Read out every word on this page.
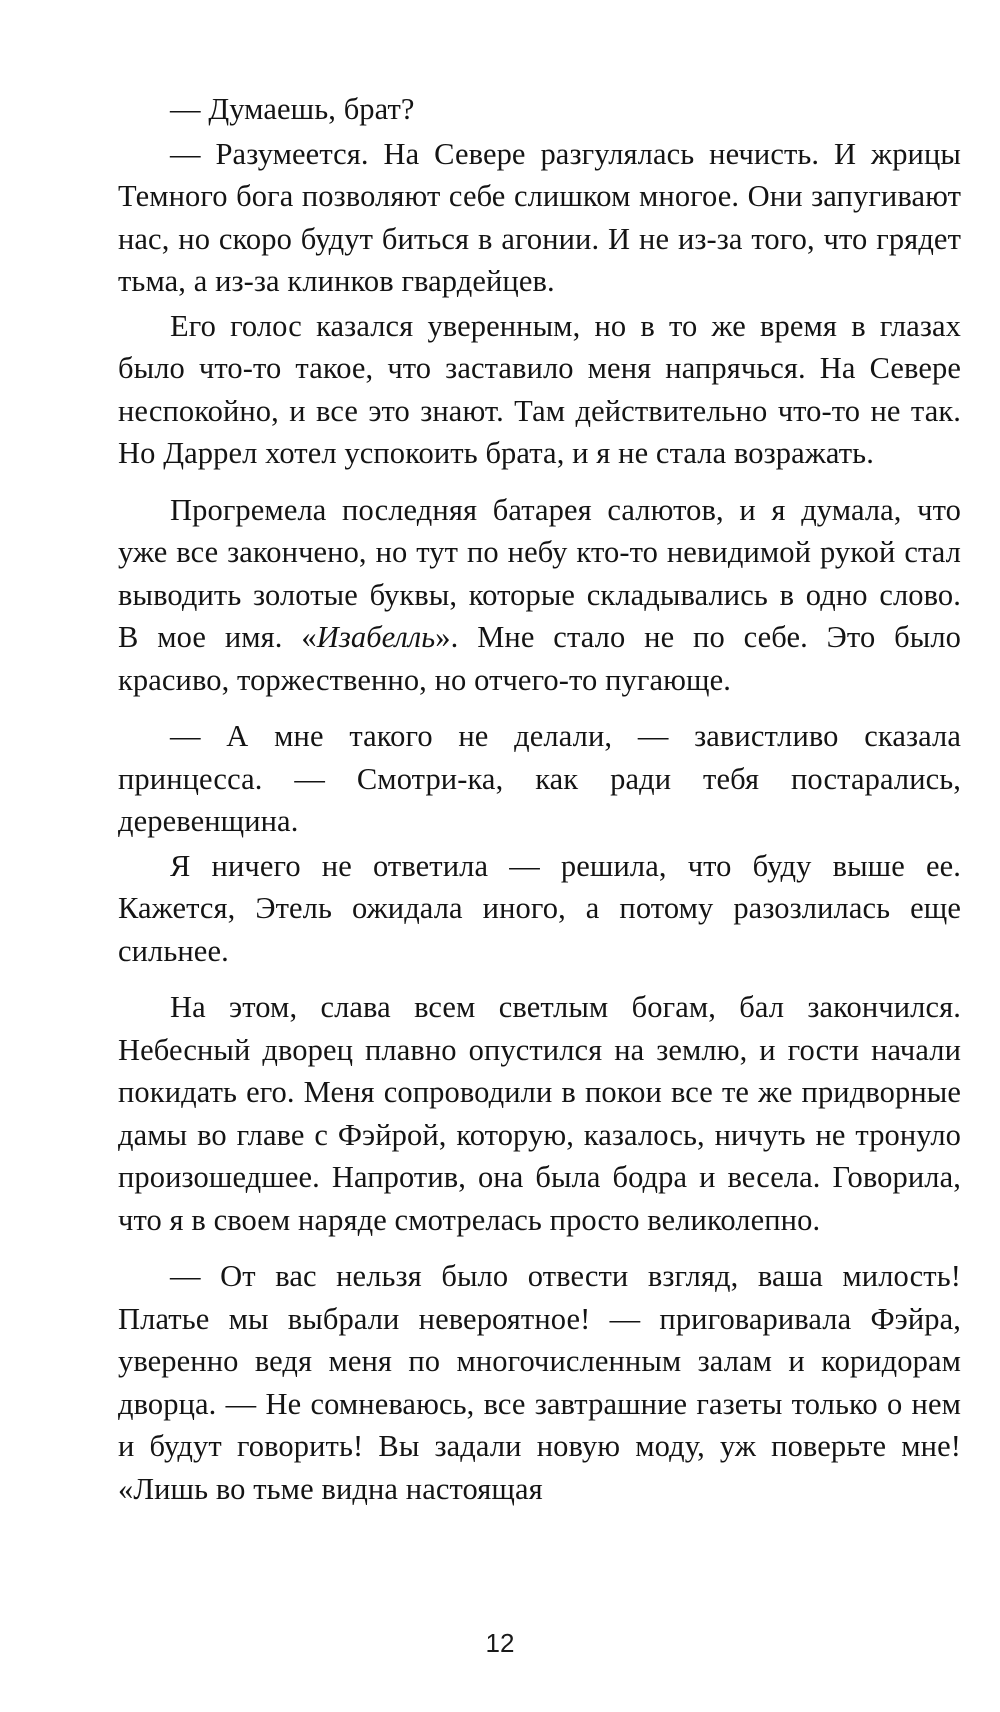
— Думаешь, брат?

— Разумеется. На Севере разгулялась нечисть. И жрицы Темного бога позволяют себе слишком многое. Они запугивают нас, но скоро будут биться в агонии. И не из-за того, что грядет тьма, а из-за клинков гвардейцев.

Его голос казался уверенным, но в то же время в глазах было что-то такое, что заставило меня напрячься. На Севере неспокойно, и все это знают. Там действительно что-то не так. Но Даррел хотел успокоить брата, и я не стала возражать.

Прогремела последняя батарея салютов, и я думала, что уже все закончено, но тут по небу кто-то невидимой рукой стал выводить золотые буквы, которые складывались в одно слово. В мое имя. «Изабелль». Мне стало не по себе. Это было красиво, торжественно, но отчего-то пугающе.

— А мне такого не делали, — завистливо сказала принцесса. — Смотри-ка, как ради тебя постарались, деревенщина.

Я ничего не ответила — решила, что буду выше ее. Кажется, Этель ожидала иного, а потому разозлилась еще сильнее.

На этом, слава всем светлым богам, бал закончился. Небесный дворец плавно опустился на землю, и гости начали покидать его. Меня сопроводили в покои все те же придворные дамы во главе с Фэйрой, которую, казалось, ничуть не тронуло произошедшее. Напротив, она была бодра и весела. Говорила, что я в своем наряде смотрелась просто великолепно.

— От вас нельзя было отвести взгляд, ваша милость! Платье мы выбрали невероятное! — приговаривала Фэйра, уверенно ведя меня по многочисленным залам и коридорам дворца. — Не сомневаюсь, все завтрашние газеты только о нем и будут говорить! Вы задали новую моду, уж поверьте мне! «Лишь во тьме видна настоящая

12
